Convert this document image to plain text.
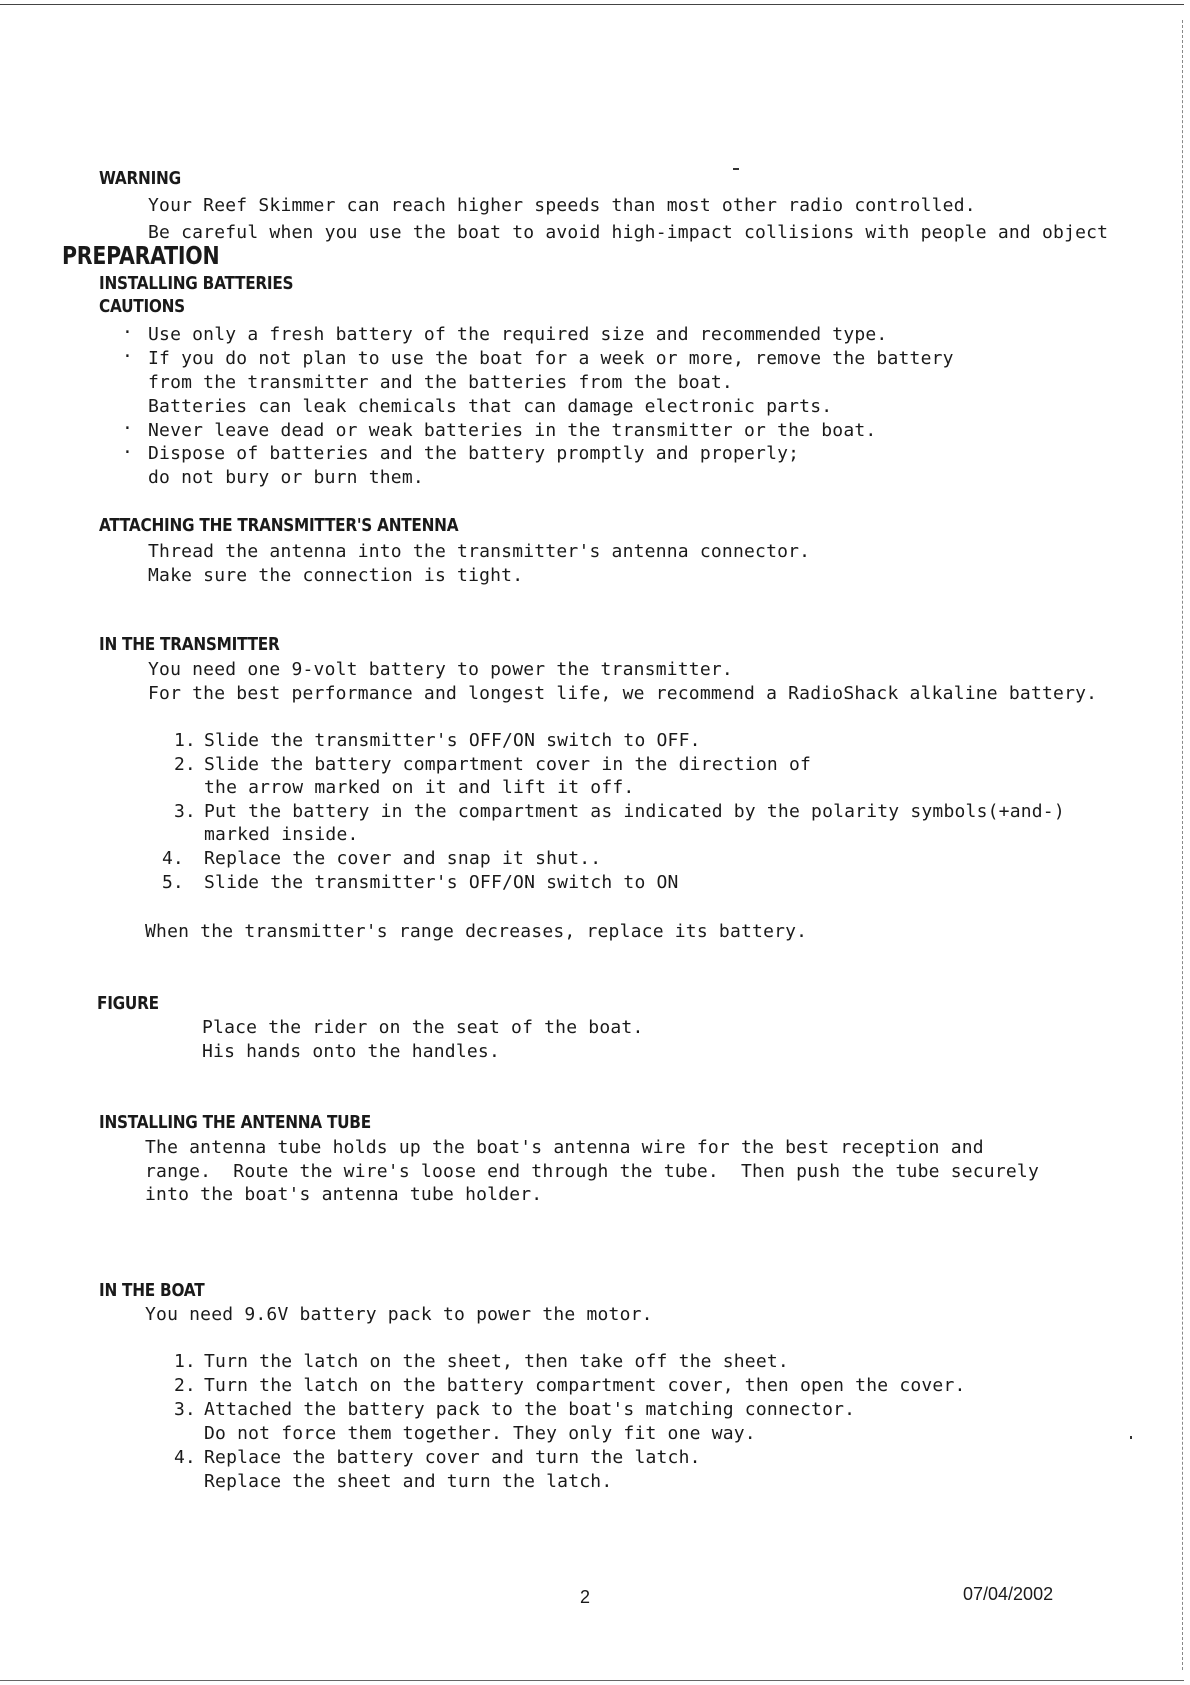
WARNING
Your Reef Skimmer can reach higher speeds than most other radio controlled.
Be careful when you use the boat to avoid high-impact collisions with people and object
PREPARATION
INSTALLING BATTERIES
CAUTIONS
· Use only a fresh battery of the required size and recommended type.
· If you do not plan to use the boat for a week or more, remove the battery
from the transmitter and the batteries from the boat.
Batteries can leak chemicals that can damage electronic parts.
· Never leave dead or weak batteries in the transmitter or the boat.
· Dispose of batteries and the battery promptly and properly;
do not bury or burn them.
ATTACHING THE TRANSMITTER'S ANTENNA
Thread the antenna into the transmitter's antenna connector.
Make sure the connection is tight.
IN THE TRANSMITTER
You need one 9-volt battery to power the transmitter.
For the best performance and longest life, we recommend a RadioShack alkaline battery.
1. Slide the transmitter's OFF/ON switch to OFF.
2. Slide the battery compartment cover in the direction of
the arrow marked on it and lift it off.
3. Put the battery in the compartment as indicated by the polarity symbols(+and-)
marked inside.
4. Replace the cover and snap it shut..
5. Slide the transmitter's OFF/ON switch to ON
When the transmitter's range decreases, replace its battery.
FIGURE
Place the rider on the seat of the boat.
His hands onto the handles.
INSTALLING THE ANTENNA TUBE
The antenna tube holds up the boat's antenna wire for the best reception and
range.  Route the wire's loose end through the tube.  Then push the tube securely
into the boat's antenna tube holder.
IN THE BOAT
You need 9.6V battery pack to power the motor.
1. Turn the latch on the sheet, then take off the sheet.
2. Turn the latch on the battery compartment cover, then open the cover.
3. Attached the battery pack to the boat's matching connector.
Do not force them together. They only fit one way.
4. Replace the battery cover and turn the latch.
Replace the sheet and turn the latch.
2	07/04/2002
